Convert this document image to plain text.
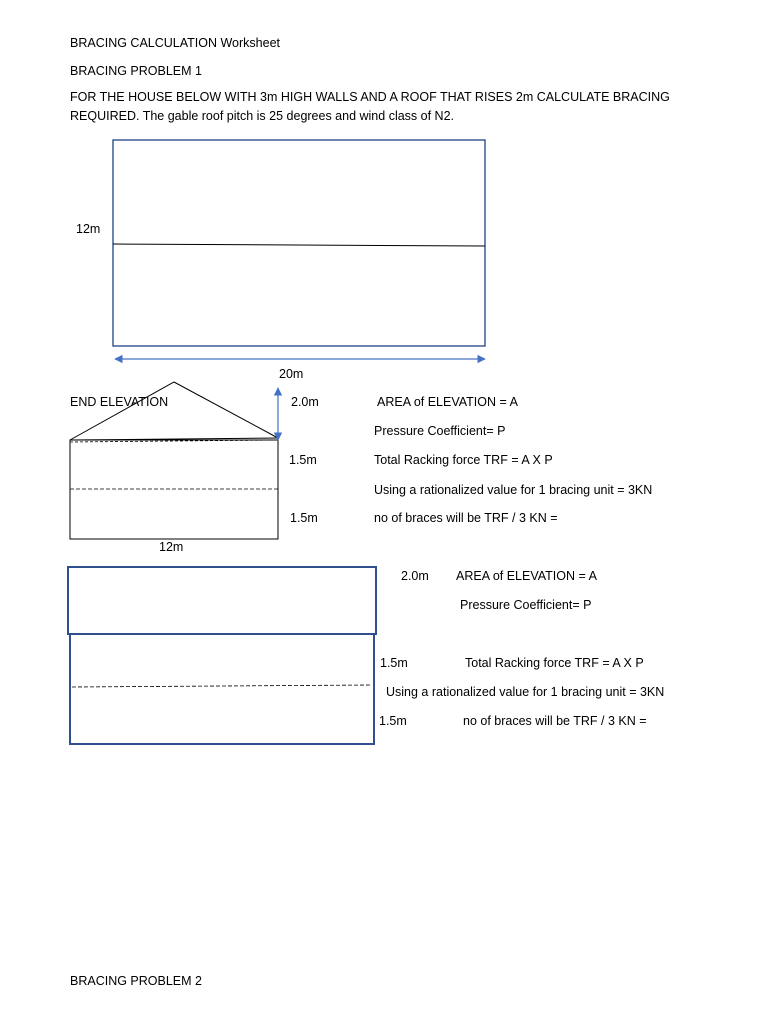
BRACING CALCULATION Worksheet
BRACING PROBLEM 1
FOR THE HOUSE BELOW WITH 3m HIGH WALLS AND A ROOF THAT RISES 2m CALCULATE BRACING REQUIRED. The gable roof pitch is 25 degrees and wind class of N2.
12m
20m
END ELEVATION	2.0m
1.5m
1.5m
12m
AREA of ELEVATION = A
Pressure Coefficient= P
Total Racking force TRF = A X P
Using a rationalized value for 1 bracing unit = 3KN
no of braces will be TRF / 3 KN =
2.0m AREA of ELEVATION = A
Pressure Coefficient= P
1.5m	Total Racking force TRF = A X P
Using a rationalized value for 1 bracing unit = 3KN
1.5m	no of braces will be TRF / 3 KN =
BRACING PROBLEM 2
